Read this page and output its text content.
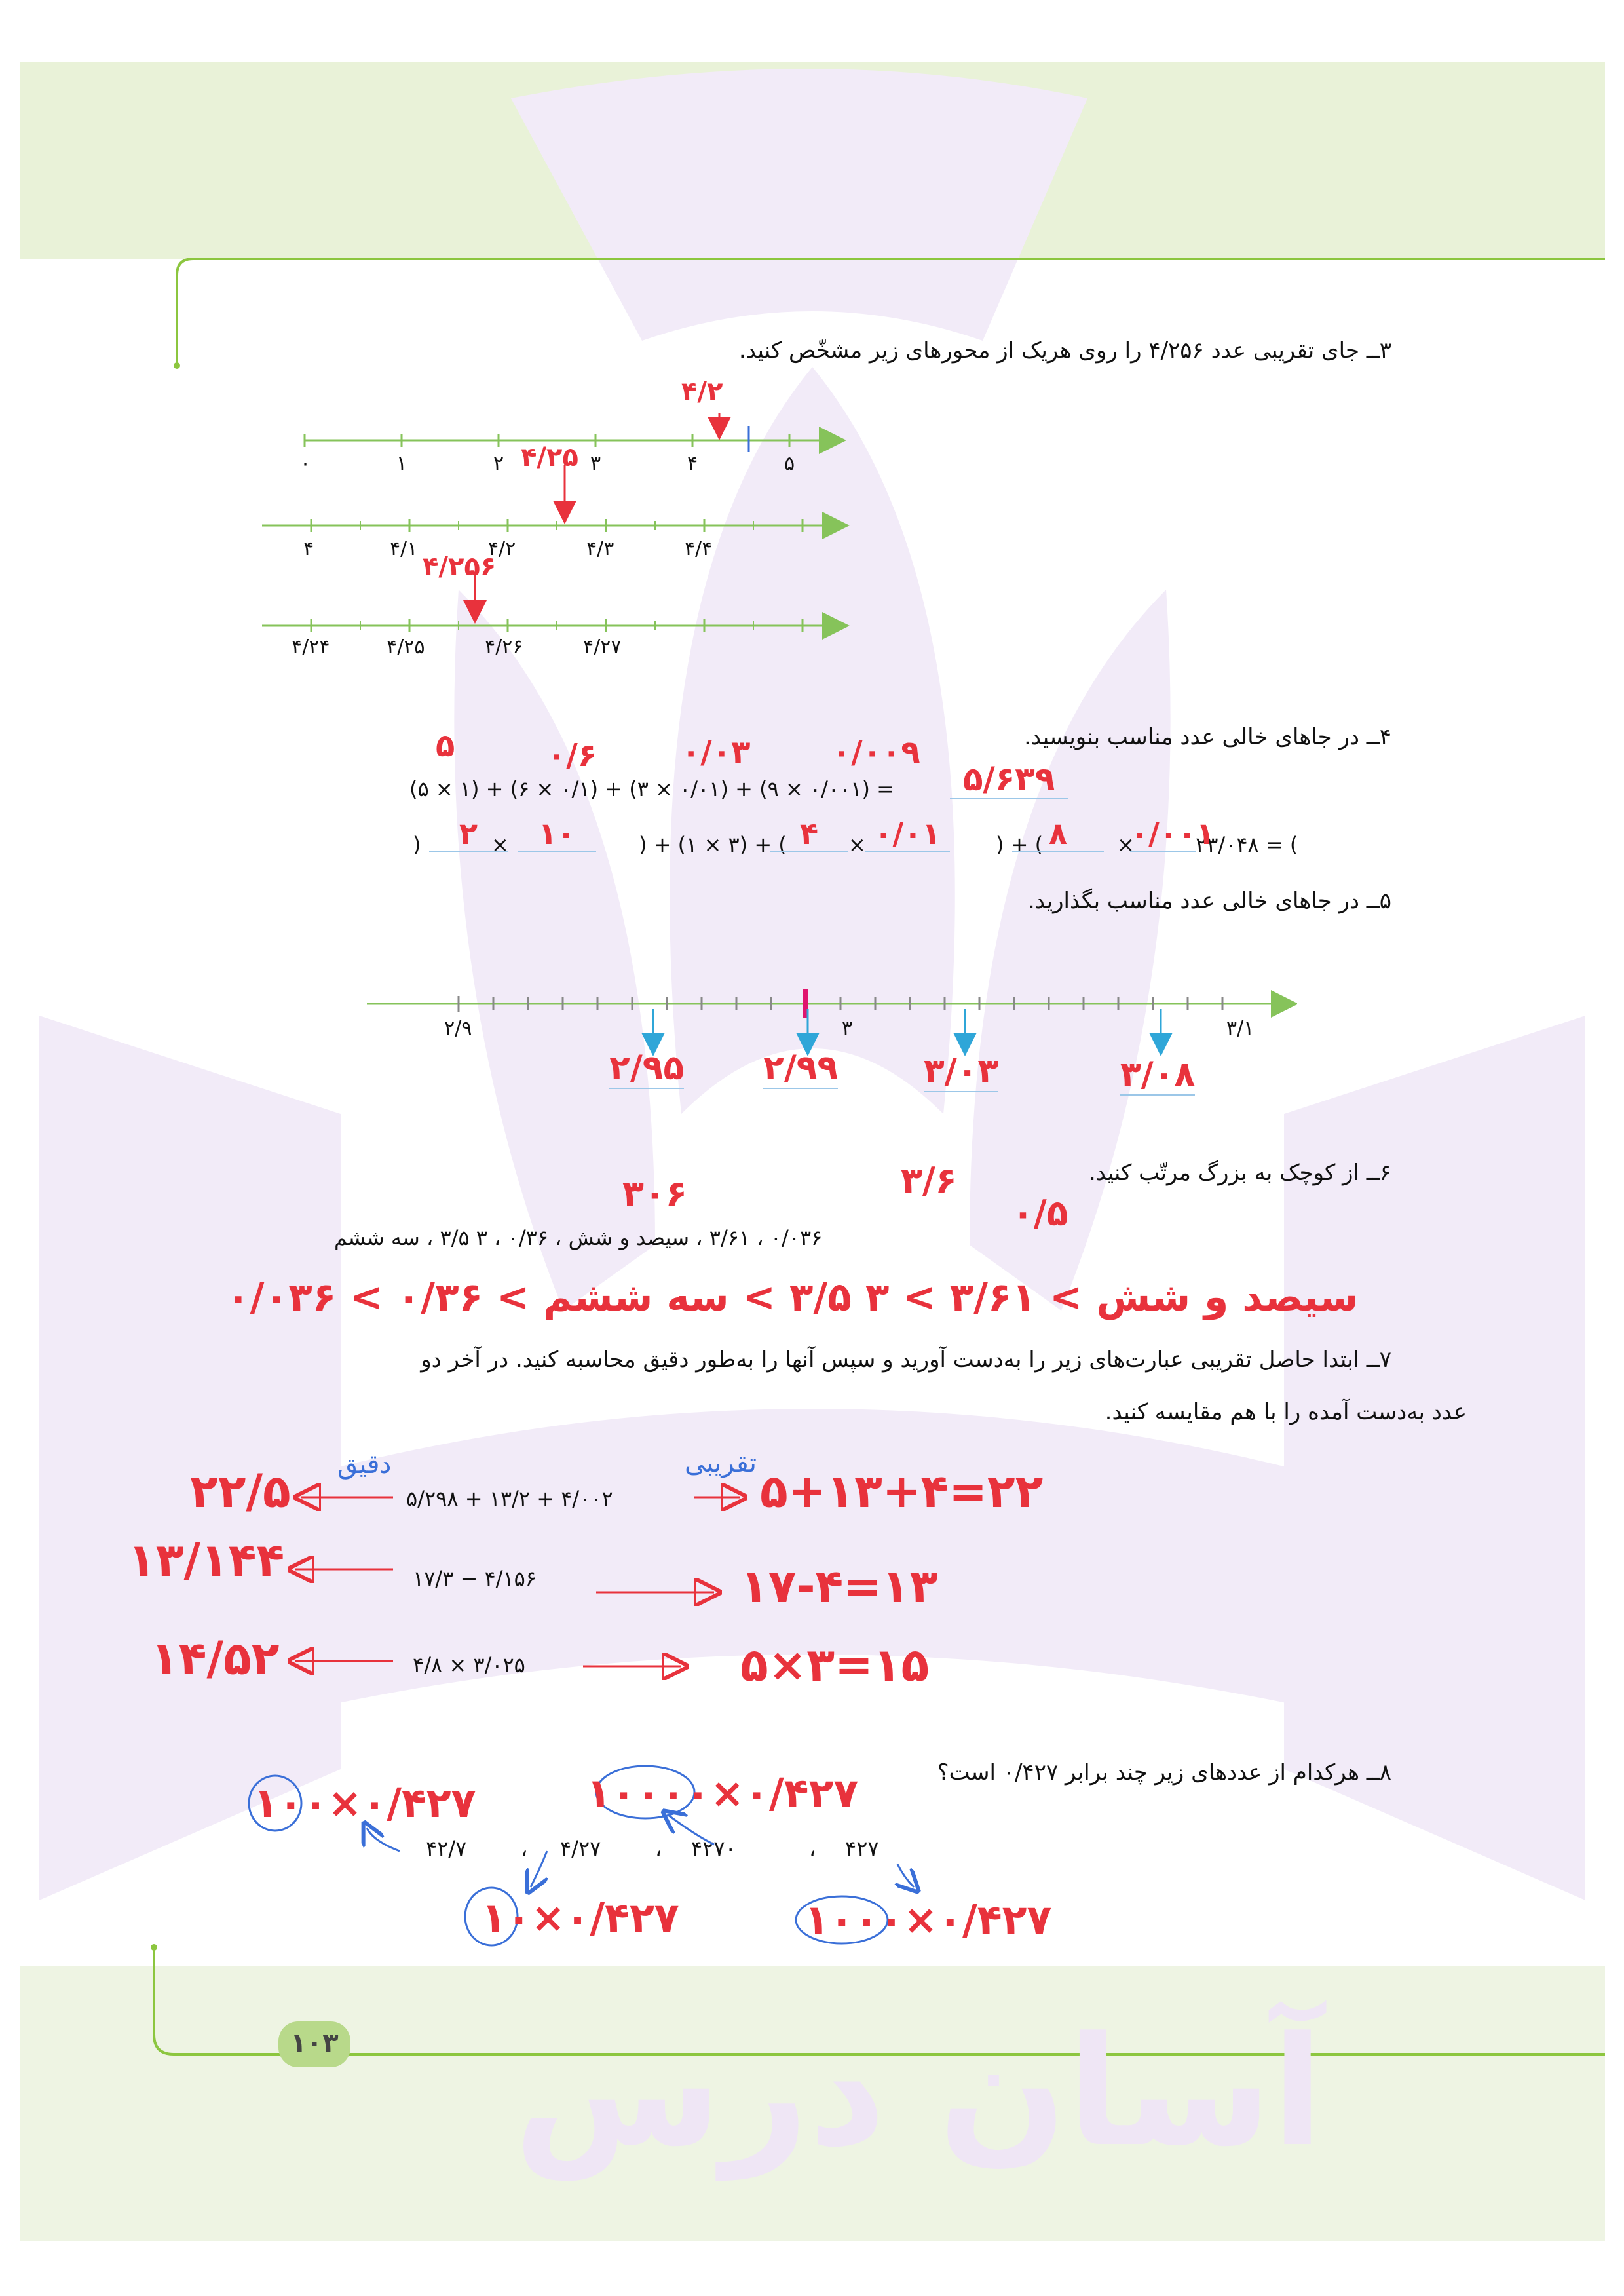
آسان درس
۱۰۳
۳ــ جای تقریبی عدد ۴/۲۵۶ را روی هریک از محورهای زیر مشخّص کنید.
۰	۱	۲	۳	۴	۵
۴/۲
۴/۲۵
۴	۴/۱	۴/۲	۴/۳	۴/۴
۴/۲۵۶
۴/۲۴	۴/۲۵	۴/۲۶	۴/۲۷
۴ــ در جاهای خالی عدد مناسب بنویسید.
۵	۰/۶	۰/۰۳	۰/۰۰۹
(۵ × ۱) + (۶ × ۰/۱) + (۳ × ۰/۰۱) + (۹ × ۰/۰۰۱) =	۵/۶۳۹
۲۳/۰۴۸ = (
×
۰/۰۰۱
) + ( ۸
× ۰/۰۱
) + (۱ × ۳) + ( ۴
× ۱۰
)	۲
۵ــ در جاهای خالی عدد مناسب بگذارید.
۲/۹	۳	۳/۱
۲/۹۵ ۲/۹۹	۳/۰۳	۳/۰۸
۶ــ از کوچک به بزرگ مرتّب کنید.
۳۰۶	۳/۶
۰/۵
۰/۰۳۶ ، ۳/۶۱ ، سیصد و شش ، ۰/۳۶ ، ۳ ۳/۵ ، سه ششم
سیصد و شش > ۳/۶۱ > ۳ ۳/۵ > سه ششم > ۰/۳۶ > ۰/۰۳۶
۷ــ ابتدا حاصل تقریبی عبارت‌های زیر را به‌دست آورید و سپس آنها را به‌طور دقیق محاسبه کنید. در آخر دو
عدد به‌دست آمده را با هم مقایسه کنید.
دقیق	تقریبی
۵/۲۹۸ + ۱۳/۲ + ۴/۰۰۲
۲۲/۵	۵+۱۳+۴=۲۲
۱۷/۳ − ۴/۱۵۶
۱۳/۱۴۴	۱۷-۴=۱۳
۴/۸ × ۳/۰۲۵
۱۴/۵۲	۵×۳=۱۵
۸ــ هرکدام از عددهای زیر چند برابر ۰/۴۲۷ است؟
۴۲۷
،
۴۲۷۰
،
۴/۲۷
،
۴۲/۷
۱۰۰۰۰×۰/۴۲۷
۱۰۰×۰/۴۲۷
۱۰×۰/۴۲۷	۱۰۰۰×۰/۴۲۷
